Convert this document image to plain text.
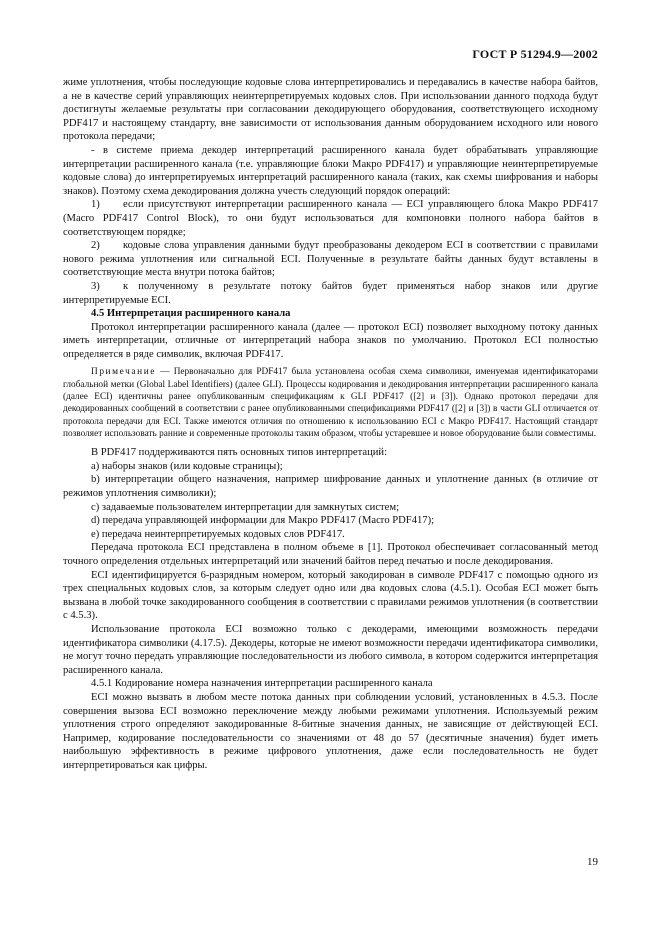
ГОСТ Р 51294.9—2002

жиме уплотнения, чтобы последующие кодовые слова интерпретировались и передавались в качестве набора байтов, а не в качестве серий управляющих неинтерпретируемых кодовых слов. При использовании данного подхода будут достигнуты желаемые результаты при согласовании декодирующего оборудования, соответствующего исходному PDF417 и настоящему стандарту, вне зависимости от использования данным оборудованием исходного или нового протокола передачи;

- в системе приема декодер интерпретаций расширенного канала будет обрабатывать управляющие интерпретации расширенного канала (т.е. управляющие блоки Макро PDF417) и управляющие неинтерпретируемые кодовые слова) до интерпретируемых интерпретаций расширенного канала (таких, как схемы шифрования и наборы знаков). Поэтому схема декодирования должна учесть следующий порядок операций:

1) если присутствуют интерпретации расширенного канала — ECI управляющего блока Макро PDF417 (Macro PDF417 Control Block), то они будут использоваться для компоновки полного набора байтов в соответствующем порядке;

2) кодовые слова управления данными будут преобразованы декодером ECI в соответствии с правилами нового режима уплотнения или сигнальной ECI. Полученные в результате байты данных будут вставлены в соответствующие места внутри потока байтов;

3) к полученному в результате потоку байтов будет применяться набор знаков или другие интерпретируемые ECI.

4.5 Интерпретация расширенного канала

Протокол интерпретации расширенного канала (далее — протокол ECI) позволяет выходному потоку данных иметь интерпретации, отличные от интерпретаций набора знаков по умолчанию. Протокол ECI полностью определяется в ряде символик, включая PDF417.

Примечание — Первоначально для PDF417 была установлена особая схема символики, именуемая идентификаторами глобальной метки (Global Label Identifiers) (далее GLI). Процессы кодирования и декодирования интерпретации расширенного канала (далее ECI) идентичны ранее опубликованным спецификациям к GLI PDF417 ([2] и [3]). Однако протокол передачи для декодированных сообщений в соответствии с ранее опубликованными спецификациями PDF417 ([2] и [3]) в части GLI отличается от протокола передачи для ECI. Также имеются отличия по отношению к использованию ECI с Макро PDF417. Настоящий стандарт позволяет использовать ранние и современные протоколы таким образом, чтобы устаревшее и новое оборудование были совместимы.

В PDF417 поддерживаются пять основных типов интерпретаций:

а) наборы знаков (или кодовые страницы);

b) интерпретации общего назначения, например шифрование данных и уплотнение данных (в отличие от режимов уплотнения символики);

c) задаваемые пользователем интерпретации для замкнутых систем;

d) передача управляющей информации для Макро PDF417 (Macro PDF417);

e) передача неинтерпретируемых кодовых слов PDF417.

Передача протокола ECI представлена в полном объеме в [1]. Протокол обеспечивает согласованный метод точного определения отдельных интерпретаций или значений байтов перед печатью и после декодирования.

ECI идентифицируется 6-разрядным номером, который закодирован в символе PDF417 с помощью одного из трех специальных кодовых слов, за которым следует одно или два кодовых слова (4.5.1). Особая ECI может быть вызвана в любой точке закодированного сообщения в соответствии с правилами режимов уплотнения (в соответствии с 4.5.3).

Использование протокола ECI возможно только с декодерами, имеющими возможность передачи идентификатора символики (4.17.5). Декодеры, которые не имеют возможности передачи идентификатора символики, не могут точно передать управляющие последовательности из любого символа, в котором содержится интерпретация расширенного канала.

4.5.1 Кодирование номера назначения интерпретации расширенного канала

ECI можно вызвать в любом месте потока данных при соблюдении условий, установленных в 4.5.3. После совершения вызова ECI возможно переключение между любыми режимами уплотнения. Используемый режим уплотнения строго определяют закодированные 8-битные значения данных, не зависящие от действующей ECI. Например, кодирование последовательности со значениями от 48 до 57 (десятичные значения) будет иметь наибольшую эффективность в режиме цифрового уплотнения, даже если последовательность не будет интерпретироваться как цифры.

19
